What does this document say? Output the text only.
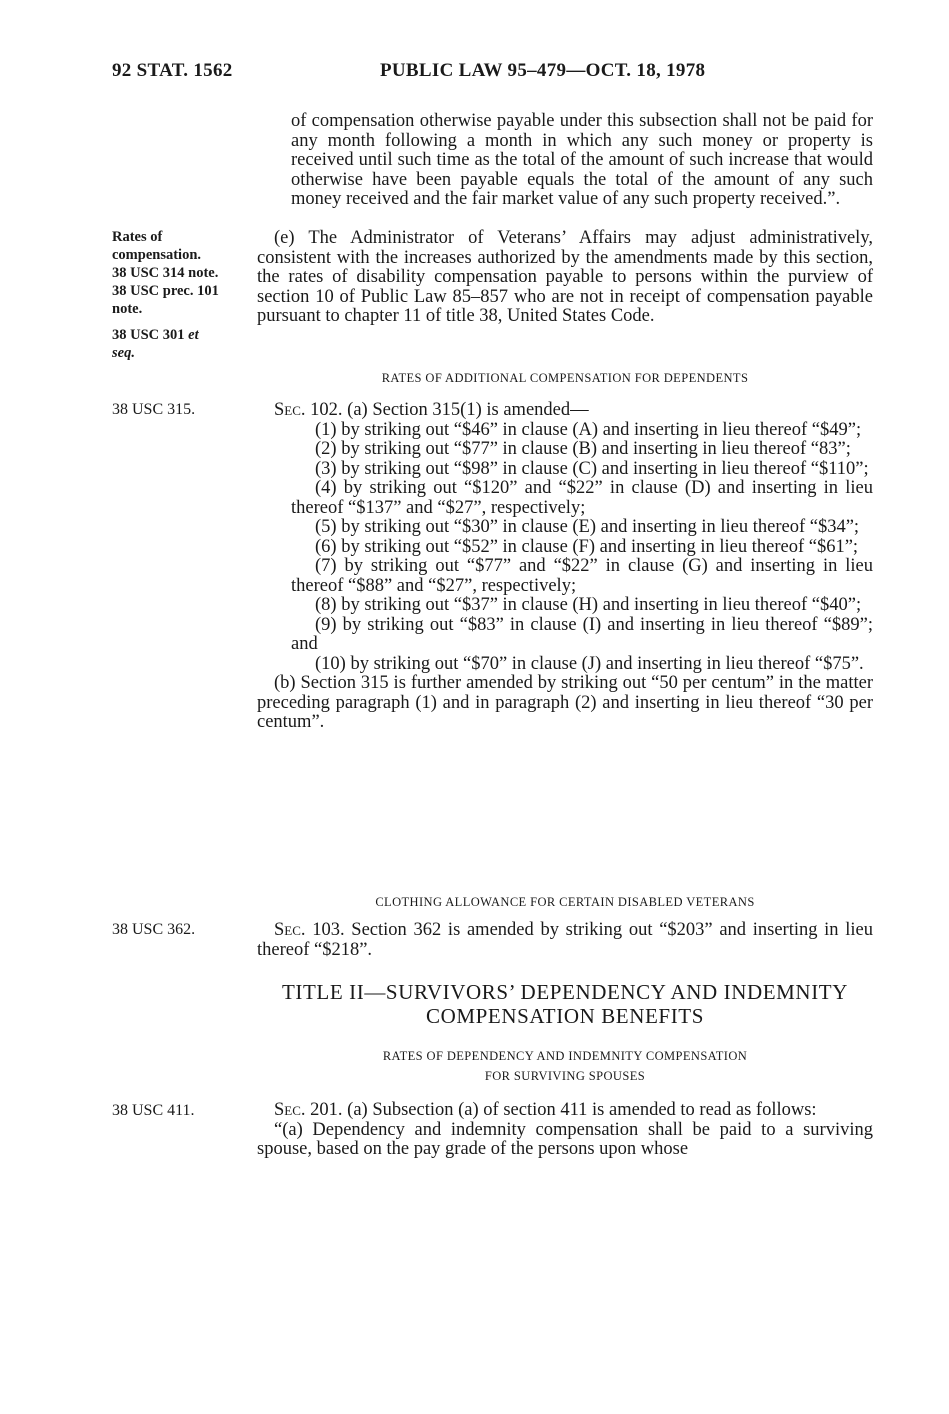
92 STAT. 1562	PUBLIC LAW 95–479—OCT. 18, 1978

of compensation otherwise payable under this subsection shall not be paid for any month following a month in which any such money or property is received until such time as the total of the amount of such increase that would otherwise have been payable equals the total of the amount of any such money received and the fair market value of any such property received.”.

Rates of
compensation.
38 USC 314 note.
38 USC prec. 101
note.

(e) The Administrator of Veterans’ Affairs may adjust administratively, consistent with the increases authorized by the amendments made by this section, the rates of disability compensation payable to persons within the purview of section 10 of Public Law 85–857 who are not in receipt of compensation payable pursuant to chapter 11 of title 38, United States Code.

38 USC 301 et
seq.
RATES OF ADDITIONAL COMPENSATION FOR DEPENDENTS
38 USC 315.	Sec. 102. (a) Section 315(1) is amended—

(1) by striking out “$46” in clause (A) and inserting in lieu thereof “$49”;

(2) by striking out “$77” in clause (B) and inserting in lieu thereof “83”;

(3) by striking out “$98” in clause (C) and inserting in lieu thereof “$110”;

(4) by striking out “$120” and “$22” in clause (D) and inserting in lieu thereof “$137” and “$27”, respectively;

(5) by striking out “$30” in clause (E) and inserting in lieu thereof “$34”;

(6) by striking out “$52” in clause (F) and inserting in lieu thereof “$61”;

(7) by striking out “$77” and “$22” in clause (G) and inserting in lieu thereof “$88” and “$27”, respectively;

(8) by striking out “$37” in clause (H) and inserting in lieu thereof “$40”;

(9) by striking out “$83” in clause (I) and inserting in lieu thereof “$89”; and

(10) by striking out “$70” in clause (J) and inserting in lieu thereof “$75”.

(b) Section 315 is further amended by striking out “50 per centum” in the matter preceding paragraph (1) and in paragraph (2) and inserting in lieu thereof “30 per centum”.

CLOTHING ALLOWANCE FOR CERTAIN DISABLED VETERANS
38 USC 362.	Sec. 103. Section 362 is amended by striking out “$203” and inserting in lieu thereof “$218”.

TITLE II—SURVIVORS’ DEPENDENCY AND INDEMNITY
COMPENSATION BENEFITS
RATES OF DEPENDENCY AND INDEMNITY COMPENSATION
FOR SURVIVING SPOUSES
38 USC 411.	Sec. 201. (a) Subsection (a) of section 411 is amended to read as follows:

“(a) Dependency and indemnity compensation shall be paid to a surviving spouse, based on the pay grade of the persons upon whose
